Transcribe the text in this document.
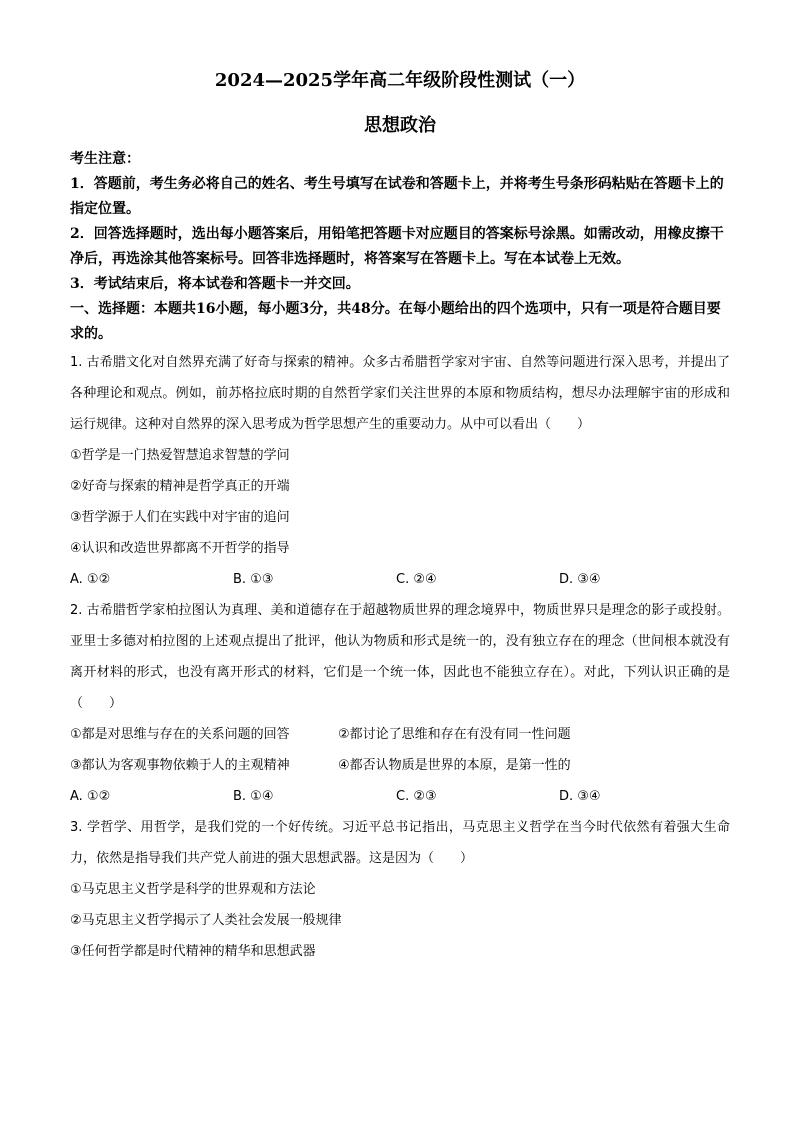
2024—2025学年高二年级阶段性测试（一）
思想政治

考生注意：

1．答题前，考生务必将自己的姓名、考生号填写在试卷和答题卡上，并将考生号条形码粘贴在答题卡上的指定位置。

2．回答选择题时，选出每小题答案后，用铅笔把答题卡对应题目的答案标号涂黑。如需改动，用橡皮擦干净后，再选涂其他答案标号。回答非选择题时，将答案写在答题卡上。写在本试卷上无效。

3．考试结束后，将本试卷和答题卡一并交回。

一、选择题：本题共16小题，每小题3分，共48分。在每小题给出的四个选项中，只有一项是符合题目要求的。

1. 古希腊文化对自然界充满了好奇与探索的精神。众多古希腊哲学家对宇宙、自然等问题进行深入思考，并提出了各种理论和观点。例如，前苏格拉底时期的自然哲学家们关注世界的本原和物质结构，想尽办法理解宇宙的形成和运行规律。这种对自然界的深入思考成为哲学思想产生的重要动力。从中可以看出（　　）

①哲学是一门热爱智慧追求智慧的学问

②好奇与探索的精神是哲学真正的开端

③哲学源于人们在实践中对宇宙的追问

④认识和改造世界都离不开哲学的指导

A. ①②	B. ①③	C. ②④	D. ③④

2. 古希腊哲学家柏拉图认为真理、美和道德存在于超越物质世界的理念境界中，物质世界只是理念的影子或投射。亚里士多德对柏拉图的上述观点提出了批评，他认为物质和形式是统一的，没有独立存在的理念（世间根本就没有离开材料的形式，也没有离开形式的材料，它们是一个统一体，因此也不能独立存在）。对此，下列认识正确的是（　　）

①都是对思维与存在的关系问题的回答	②都讨论了思维和存在有没有同一性问题
③都认为客观事物依赖于人的主观精神	④都否认物质是世界的本原，是第一性的
A. ①②	B. ①④	C. ②③	D. ③④

3. 学哲学、用哲学，是我们党的一个好传统。习近平总书记指出，马克思主义哲学在当今时代依然有着强大生命力，依然是指导我们共产党人前进的强大思想武器。这是因为（　　）

①马克思主义哲学是科学的世界观和方法论

②马克思主义哲学揭示了人类社会发展一般规律

③任何哲学都是时代精神的精华和思想武器
